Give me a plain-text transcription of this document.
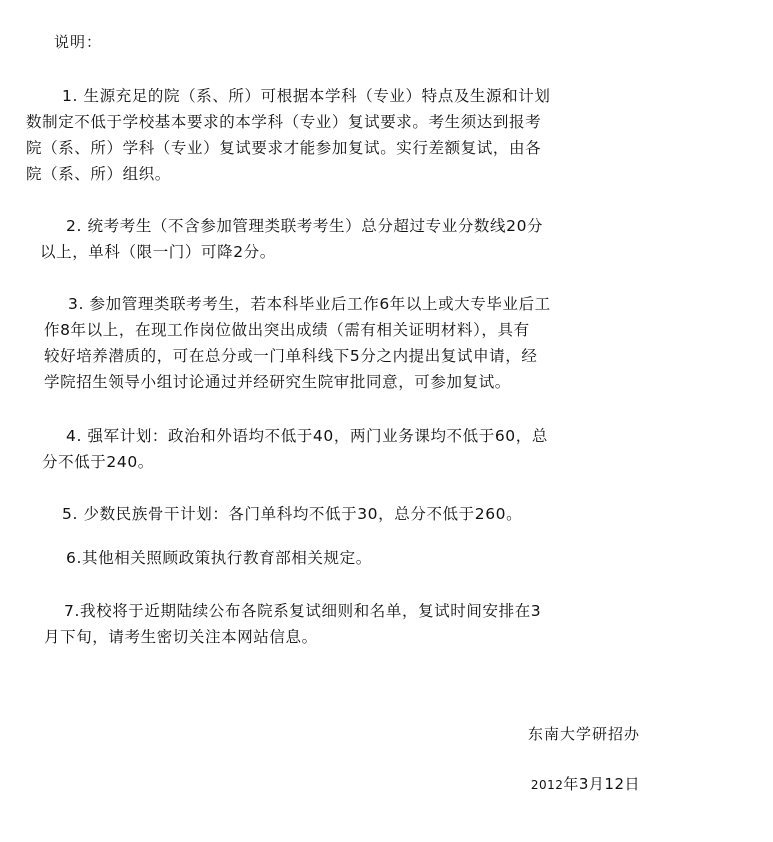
说明：
1. 生源充足的院（系、所）可根据本学科（专业）特点及生源和计划
数制定不低于学校基本要求的本学科（专业）复试要求。考生须达到报考
院（系、所）学科（专业）复试要求才能参加复试。实行差额复试，由各
院（系、所）组织。
2. 统考考生（不含参加管理类联考考生）总分超过专业分数线20分
以上，单科（限一门）可降2分。
3. 参加管理类联考考生，若本科毕业后工作6年以上或大专毕业后工
作8年以上，在现工作岗位做出突出成绩（需有相关证明材料），具有
较好培养潜质的，可在总分或一门单科线下5分之内提出复试申请，经
学院招生领导小组讨论通过并经研究生院审批同意，可参加复试。
4. 强军计划：政治和外语均不低于40，两门业务课均不低于60，总
分不低于240。
5. 少数民族骨干计划：各门单科均不低于30，总分不低于260。
6.其他相关照顾政策执行教育部相关规定。
7.我校将于近期陆续公布各院系复试细则和名单，复试时间安排在3
月下旬，请考生密切关注本网站信息。
东南大学研招办
2012年3月12日
